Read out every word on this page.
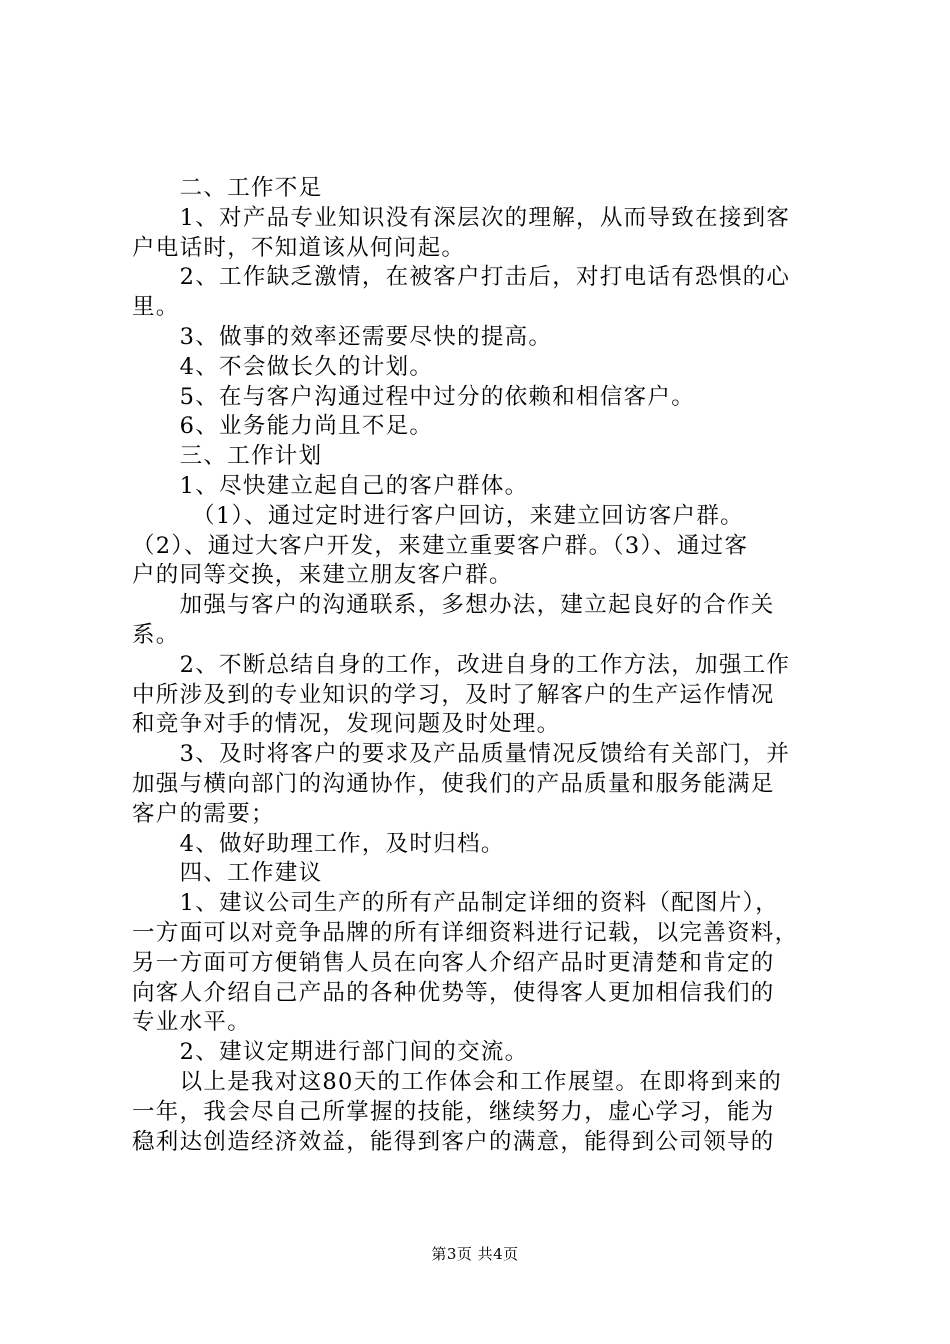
　　二、工作不足
　　1、对产品专业知识没有深层次的理解，从而导致在接到客
户电话时，不知道该从何问起。
　　2、工作缺乏激情，在被客户打击后，对打电话有恐惧的心
里。
　　3、做事的效率还需要尽快的提高。
　　4、不会做长久的计划。
　　5、在与客户沟通过程中过分的依赖和相信客户。
　　6、业务能力尚且不足。
　　三、工作计划
　　1、尽快建立起自己的客户群体。
　　　（1）、通过定时进行客户回访，来建立回访客户群。
（2）、通过大客户开发，来建立重要客户群。（3）、通过客
户的同等交换，来建立朋友客户群。
　　加强与客户的沟通联系，多想办法，建立起良好的合作关
系。
　　2、不断总结自身的工作，改进自身的工作方法，加强工作
中所涉及到的专业知识的学习，及时了解客户的生产运作情况
和竞争对手的情况，发现问题及时处理。
　　3、及时将客户的要求及产品质量情况反馈给有关部门，并
加强与横向部门的沟通协作，使我们的产品质量和服务能满足
客户的需要；
　　4、做好助理工作，及时归档。
　　四、工作建议
　　1、建议公司生产的所有产品制定详细的资料（配图片），
一方面可以对竞争品牌的所有详细资料进行记载，以完善资料，
另一方面可方便销售人员在向客人介绍产品时更清楚和肯定的
向客人介绍自己产品的各种优势等，使得客人更加相信我们的
专业水平。
　　2、建议定期进行部门间的交流。
　　以上是我对这80天的工作体会和工作展望。在即将到来的
一年，我会尽自己所掌握的技能，继续努力，虚心学习，能为
稳利达创造经济效益，能得到客户的满意，能得到公司领导的
第3页 共4页
